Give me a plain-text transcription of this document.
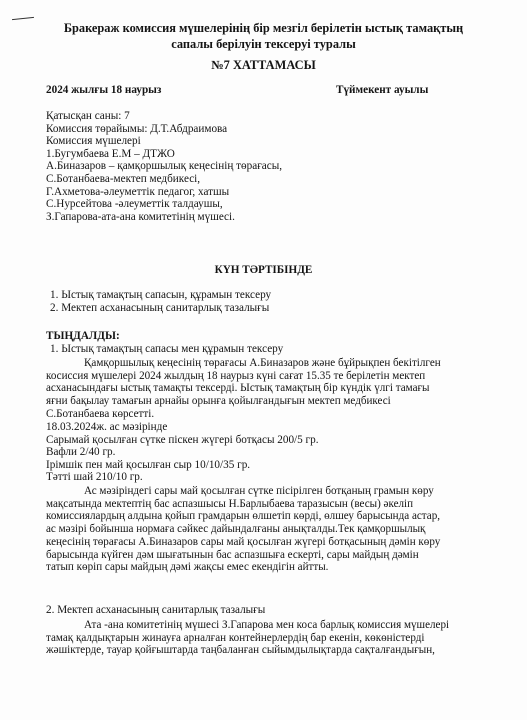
Бракераж комиссия мүшелерінің бір мезгіл берілетін ыстық тамақтың
сапалы берілуін тексеруі туралы
№7 ХАТТАМАСЫ
2024 жылғы 18 наурыз	Түймекент ауылы
Қатысқан саны: 7
Комиссия төрайымы: Д.Т.Абдраимова
Комиссия мүшелері
1.Бугумбаева Е.М – ДТЖО
А.Биназаров – қамқоршылық кеңесінің төрағасы,
С.Ботанбаева-мектеп медбикесі,
Г.Ахметова-әлеуметтік педагог, хатшы
С.Нурсейтова -әлеуметтік талдаушы,
З.Гапарова-ата-ана комитетінің мүшесі.
КҮН ТӘРТІБІНДЕ
1. Ыстық тамақтың сапасын, құрамын тексеру
2. Мектеп асханасының санитарлық тазалығы
ТЫҢДАЛДЫ:
1. Ыстық тамақтың сапасы мен құрамын тексеру
Қамқоршылық кеңесінің төрағасы А.Биназаров және бұйрықпен бекітілген
косиссия мүшелері 2024 жылдың 18 наурыз күні сағат 15.35 те берілетін мектеп
асханасындағы ыстық тамақты тексерді. Ыстық тамақтың бір күндік үлгі тамағы
яғни бақылау тамағын арнайы орынға қойылғандығын мектеп медбикесі
С.Ботанбаева көрсетті.
18.03.2024ж. ас мәзірінде
Сарымай қосылған сүтке піскен жүгері ботқасы 200/5 гр.
Вафли 2/40 гр.
Ірімшік пен май қосылған сыр 10/10/35 гр.
Тәтті шай 210/10 гр.
Ас мәзіріндегі сары май қосылған сүтке пісірілген ботқаның грамын көру
мақсатында мектептің бас аспазшысы Н.Барлыбаева таразысын (весы) әкеліп
комиссиялардың алдына қойып грамдарын өлшетіп көрді, өлшеу барысында астар,
ас мәзірі бойынша нормаға сәйкес дайындалғаны анықталды.Тек қамқоршылық
кеңесінің төрағасы А.Биназаров сары май қосылған жүгері ботқасының дәмін көру
барысында күйген дәм шығатынын бас аспазшыға ескерті, сары майдың дәмін
татып көріп сары майдың дәмі жақсы емес екендігін айтты.
2. Мектеп асханасының санитарлық тазалығы
Ата -ана комитетінің мүшесі З.Гапарова мен коса барлық комиссия мүшелері
тамақ қалдықтарын жинауға арналған контейнерлердің бар екенін, көкөністерді
жәшіктерде, тауар қойғыштарда таңбаланған сыйымдылықтарда сақталғандығын,
